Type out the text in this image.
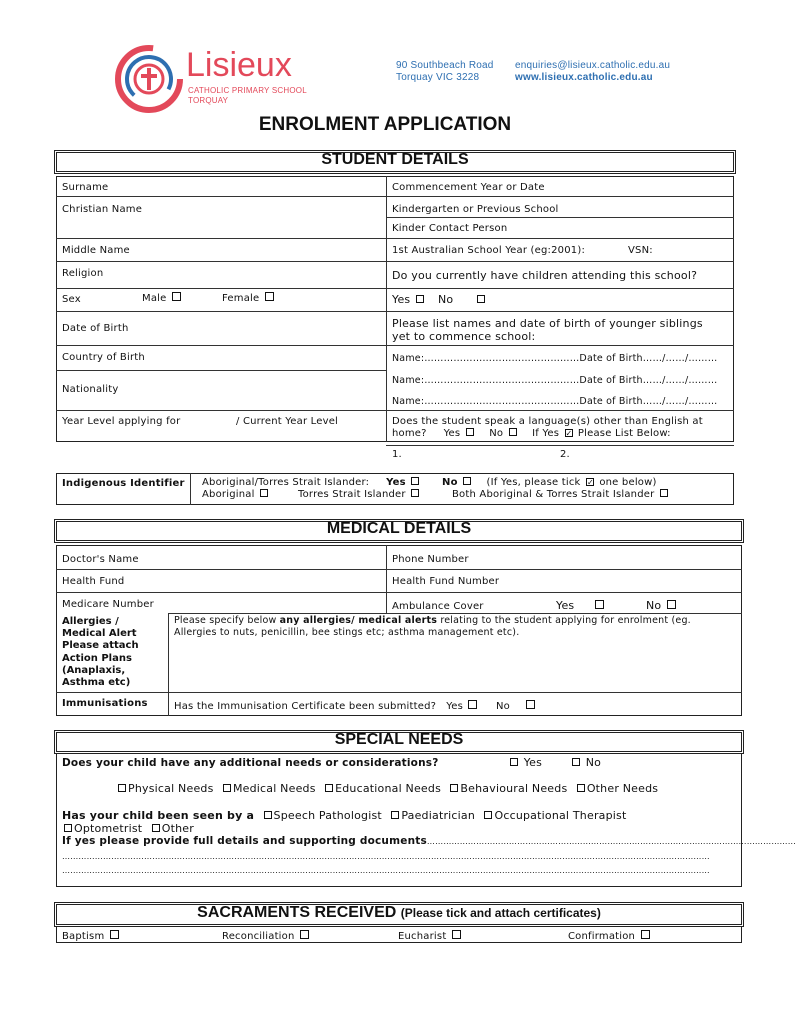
Lisieux
CATHOLIC PRIMARY SCHOOL
TORQUAY
90 Southbeach Road
Torquay VIC 3228
enquiries@lisieux.catholic.edu.au
www.lisieux.catholic.edu.au
ENROLMENT APPLICATION
STUDENT DETAILS
Surname	Commencement Year or Date
Christian Name	Kindergarten or Previous School
Kinder Contact Person
Middle Name	1st Australian School Year (eg:2001):	VSN:
Religion	Do you currently have children attending this school?
Sex	Male	Female	Yes	No
Date of Birth	Please list names and date of birth of younger siblings
yet to commence school:
Country of Birth	Name:…………………………………………Date of Birth……/……/………
Name:…………………………………………Date of Birth……/……/………
Nationality
Name:…………………………………………Date of Birth……/……/………
Year Level applying for	/ Current Year Level	Does the student speak a language(s) other than English at
home? Yes	No	If Yes ✓ Please List Below:
1.	2.
Indigenous Identifier Aboriginal/Torres Strait Islander: Yes	No	(If Yes, please tick ✓ one below)
Aboriginal	Torres Strait Islander	Both Aboriginal & Torres Strait Islander
MEDICAL DETAILS
Doctor's Name	Phone Number
Health Fund	Health Fund Number
Medicare Number	Ambulance Cover	Yes	No
Allergies /
Medical Alert
Please attach
Action Plans
(Anaplaxis,
Asthma etc)
Please specify below any allergies/ medical alerts relating to the student applying for enrolment (eg.
Allergies to nuts, penicillin, bee stings etc; asthma management etc).
Immunisations	Has the Immunisation Certificate been submitted? Yes	No
SPECIAL NEEDS
Does your child have any additional needs or considerations?	Yes	No
Physical Needs Medical Needs Educational Needs Behavioural Needs Other Needs
Has your child been seen by a Speech Pathologist Paediatrician Occupational Therapist
Optometrist Other
If yes please provide full details and supporting documents………………………………………………………………………………………………………………………
…………………………………………………………………………………………………………………………………………………………………………………………………………………
…………………………………………………………………………………………………………………………………………………………………………………………………………………
SACRAMENTS RECEIVED (Please tick and attach certificates)
Baptism	Reconciliation	Eucharist	Confirmation
